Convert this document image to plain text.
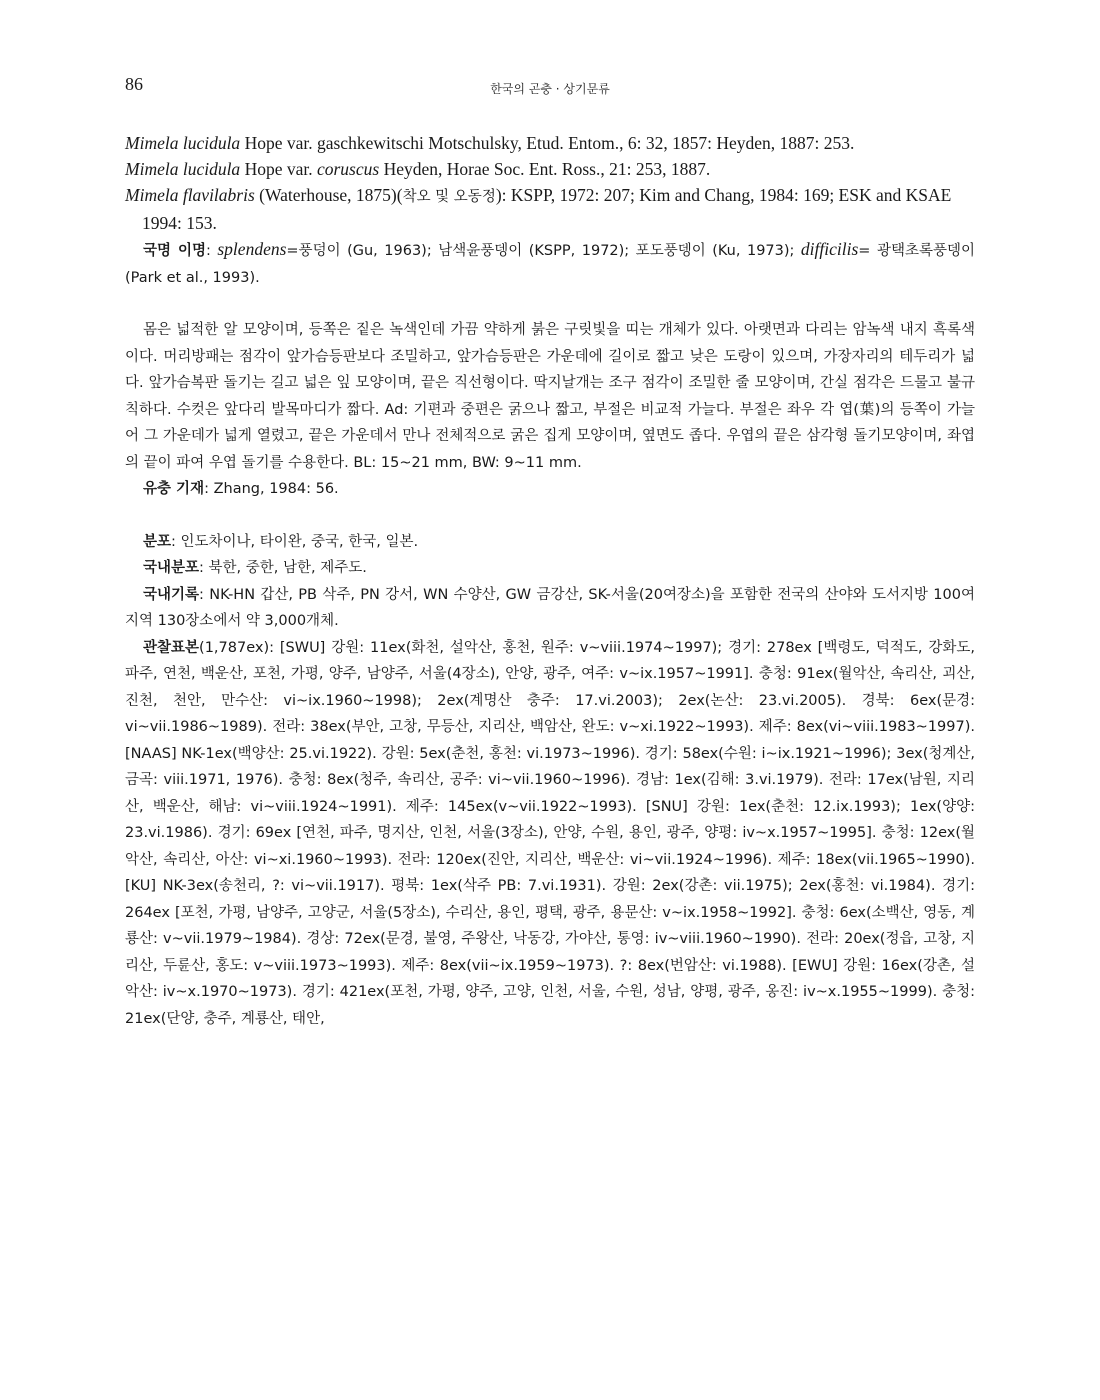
86	한국의 곤충 · 상기문류
Mimela lucidula Hope var. gaschkewitschi Motschulsky, Etud. Entom., 6: 32, 1857: Heyden, 1887: 253.
Mimela lucidula Hope var. coruscus Heyden, Horae Soc. Ent. Ross., 21: 253, 1887.
Mimela flavilabris (Waterhouse, 1875)(착오 및 오동정): KSPP, 1972: 207; Kim and Chang, 1984: 169; ESK and KSAE 1994: 153.

국명 이명: splendens=풍덩이 (Gu, 1963); 남색윤풍뎅이 (KSPP, 1972); 포도풍뎅이 (Ku, 1973); difficilis= 광택초록풍뎅이 (Park et al., 1993).

몸은 넓적한 알 모양이며, 등쪽은 짙은 녹색인데 가끔 약하게 붉은 구릿빛을 띠는 개체가 있다. 아랫면과 다리는 암녹색 내지 흑록색이다. 머리방패는 점각이 앞가슴등판보다 조밀하고, 앞가슴등판은 가운데에 길이로 짧고 낮은 도랑이 있으며, 가장자리의 테두리가 넓다. 앞가슴복판 돌기는 길고 넓은 잎 모양이며, 끝은 직선형이다. 딱지날개는 조구 점각이 조밀한 줄 모양이며, 간실 점각은 드물고 불규칙하다. 수컷은 앞다리 발목마디가 짧다. Ad: 기편과 중편은 굵으나 짧고, 부절은 비교적 가늘다. 부절은 좌우 각 엽(葉)의 등쪽이 가늘어 그 가운데가 넓게 열렸고, 끝은 가운데서 만나 전체적으로 굵은 집게 모양이며, 옆면도 좁다. 우엽의 끝은 삼각형 돌기모양이며, 좌엽의 끝이 파여 우엽 돌기를 수용한다. BL: 15~21 mm, BW: 9~11 mm.

유충 기재: Zhang, 1984: 56.

분포: 인도차이나, 타이완, 중국, 한국, 일본.

국내분포: 북한, 중한, 남한, 제주도.

국내기록: NK-HN 갑산, PB 삭주, PN 강서, WN 수양산, GW 금강산, SK-서울(20여장소)을 포함한 전국의 산야와 도서지방 100여 지역 130장소에서 약 3,000개체.

관찰표본(1,787ex): [SWU] 강원: 11ex(화천, 설악산, 홍천, 원주: v~viii.1974~1997); 경기: 278ex [백령도, 덕적도, 강화도, 파주, 연천, 백운산, 포천, 가평, 양주, 남양주, 서울(4장소), 안양, 광주, 여주: v~ix.1957~1991]. 충청: 91ex(월악산, 속리산, 괴산, 진천, 천안, 만수산: vi~ix.1960~1998); 2ex(계명산 충주: 17.vi.2003); 2ex(논산: 23.vi.2005). 경북: 6ex(문경: vi~vii.1986~1989). 전라: 38ex(부안, 고창, 무등산, 지리산, 백암산, 완도: v~xi.1922~1993). 제주: 8ex(vi~viii.1983~1997). [NAAS] NK-1ex(백양산: 25.vi.1922). 강원: 5ex(춘천, 홍천: vi.1973~1996). 경기: 58ex(수원: i~ix.1921~1996); 3ex(청계산, 금곡: viii.1971, 1976). 충청: 8ex(청주, 속리산, 공주: vi~vii.1960~1996). 경남: 1ex(김해: 3.vi.1979). 전라: 17ex(남원, 지리산, 백운산, 해남: vi~viii.1924~1991). 제주: 145ex(v~vii.1922~1993). [SNU] 강원: 1ex(춘천: 12.ix.1993); 1ex(양양: 23.vi.1986). 경기: 69ex [연천, 파주, 명지산, 인천, 서울(3장소), 안양, 수원, 용인, 광주, 양평: iv~x.1957~1995]. 충청: 12ex(월악산, 속리산, 아산: vi~xi.1960~1993). 전라: 120ex(진안, 지리산, 백운산: vi~vii.1924~1996). 제주: 18ex(vii.1965~1990). [KU] NK-3ex(송천리, ?: vi~vii.1917). 평북: 1ex(삭주 PB: 7.vi.1931). 강원: 2ex(강촌: vii.1975); 2ex(홍천: vi.1984). 경기: 264ex [포천, 가평, 남양주, 고양군, 서울(5장소), 수리산, 용인, 평택, 광주, 용문산: v~ix.1958~1992]. 충청: 6ex(소백산, 영동, 계룡산: v~vii.1979~1984). 경상: 72ex(문경, 불영, 주왕산, 낙동강, 가야산, 통영: iv~viii.1960~1990). 전라: 20ex(정읍, 고창, 지리산, 두륜산, 홍도: v~viii.1973~1993). 제주: 8ex(vii~ix.1959~1973). ?: 8ex(번암산: vi.1988). [EWU] 강원: 16ex(강촌, 설악산: iv~x.1970~1973). 경기: 421ex(포천, 가평, 양주, 고양, 인천, 서울, 수원, 성남, 양평, 광주, 옹진: iv~x.1955~1999). 충청: 21ex(단양, 충주, 계룡산, 태안,
